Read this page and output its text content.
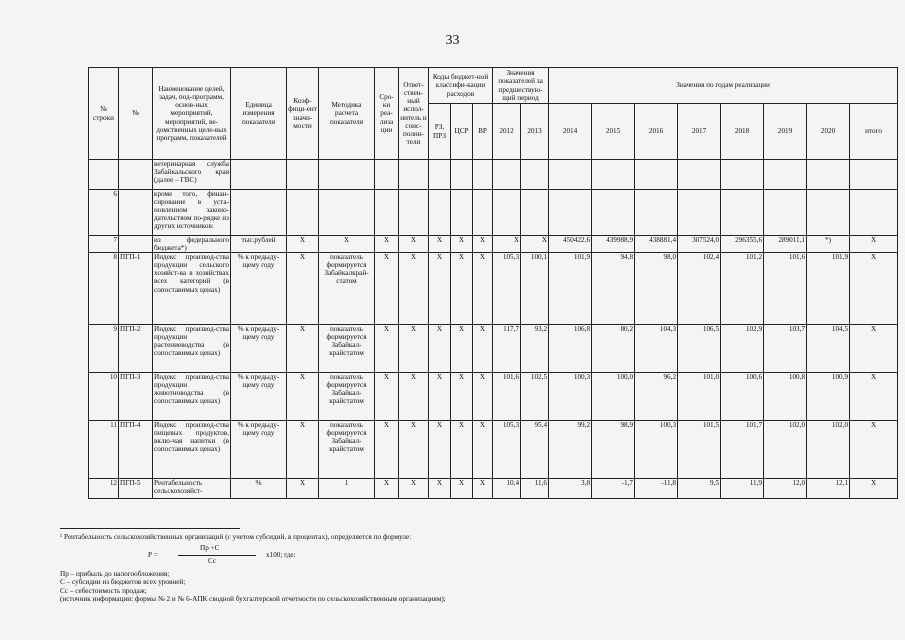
33
№ строки	№	Наименование целей, задач, под-программ, основ-ных мероприятий, мероприятий, ве-домственных целе-вых программ, показателей	Единица измерения показателя	Коэф-фици-ент значи-мости	Методика расчета показателя	Сро-ки реа-лиза ции	Ответ-ствен-ный испол-нитель и соис-полни-тели	Коды бюджет-ной классифи-кации расходов			Значения показателей за предшествую-щий период		Значения по годам реализации							

								РЗ, ПРЗ	ЦСР	ВР	2012	2013	2014	2015	2016	2017	2018	2019	2020	итого
		ветеринарная служба Забайкальского края (далее – ГВС)																		
6		кроме того, финан-сирование в уста-новленном законо-дательством по-рядке из других источников:																		
7		из федерального бюджета*)	тыс.рублей	X	X	X	X	X	X	X	X	X	450422,6	439988,9	438881,4	307524,0	296355,6	289011,1	*)	X
8	ПГП-1	Индекс производ-ства продукции сельского хозяйст-ва в хозяйствах всех категорий (в сопоставимых ценах)	% к предыду-щему году	X	показатель формируется Забайкалкрай-статом	X	X	X	X	X	105,3	100,1	101,9	94,8	98,0	102,4	101,2	101,6	101,9	X
9	ПГП-2	Индекс производ-ства продукции растениеводства (в сопоставимых ценах)	% к предыду-щему году	X	показатель формируется Забайкал-крайстатом	X	X	X	X	X	117,7	93,2	106,8	80,2	104,3	106,5	102,9	103,7	104,5	X
10	ПГП-3	Индекс производ-ства продукции животноводства (в сопоставимых ценах)	% к предыду-щему году	X	показатель формируется Забайкал-крайстатом	X	X	X	X	X	101,6	102,5	100,3	100,0	96,2	101,0	100,6	100,8	100,9	X
11	ПГП-4	Индекс производ-ства пищевых продуктов, вклю-чая напитки (в сопоставимых ценах)	% к предыду-щему году	X	показатель формируется Забайкал-крайстатом	X	X	X	X	X	105,3	95,4	99,2	98,9	100,3	101,5	101,7	102,0	102,0	X
12	ПГП-5	Рентабельность сельскохозяйст-	%	X	1	X	X	X	X	X	10,4	11,6	3,8	-1,7	-11,8	9,5	11,9	12,0	12,1	X
¹ Рентабельность сельскохозяйственных организаций (с учетом субсидий, в процентах), определяется по формуле:
Р =
Пр +С
Сс
х100; где:
Пр – прибыль до налогообложения;
С – субсидии из бюджетов всех уровней;
Сс – себестоимость продаж;
(источник информации: формы № 2 и № 6-АПК сводной бухгалтерской отчетности по сельскохозяйственным организациям);
